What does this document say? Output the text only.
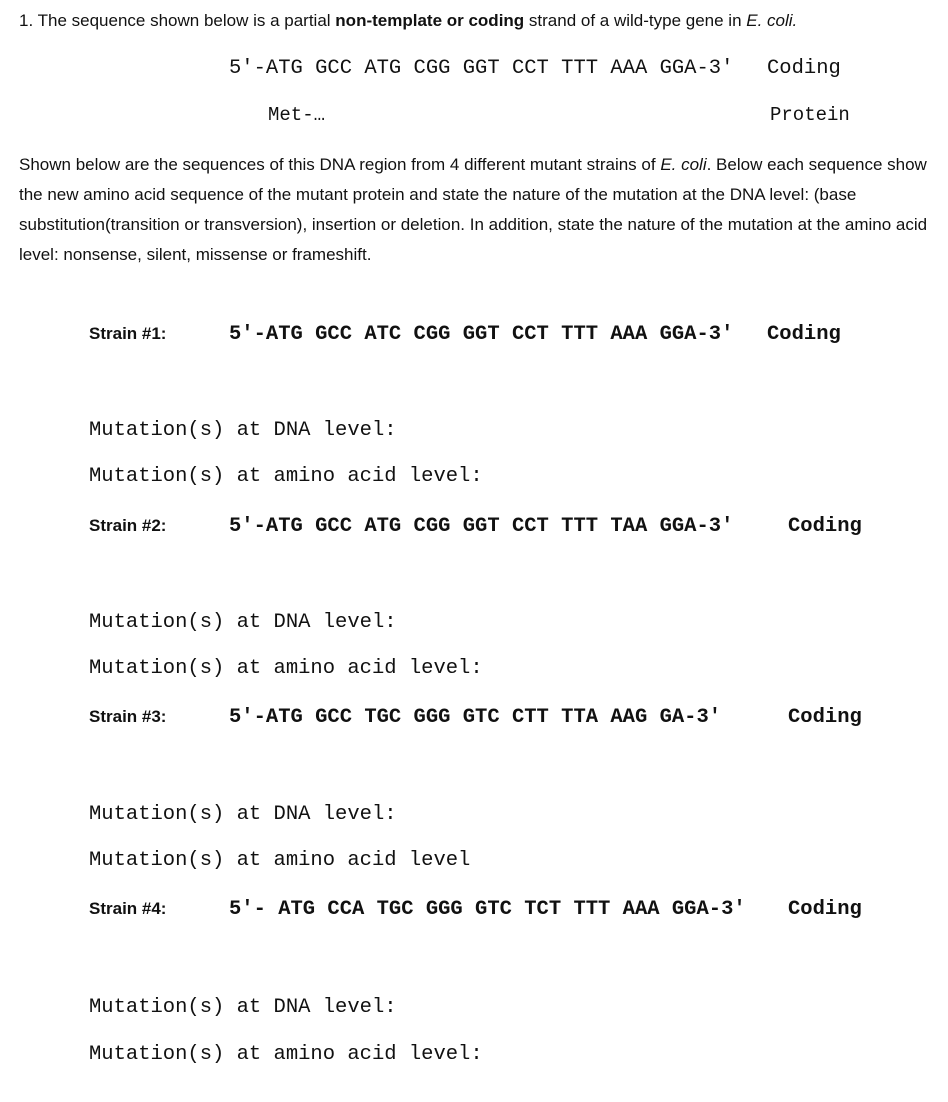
1. The sequence shown below is a partial non-template or coding strand of a wild-type gene in E. coli.
5′-ATG GCC ATG CGG GGT CCT TTT AAA GGA-3′ Coding
Met-…	Protein
Shown below are the sequences of this DNA region from 4 different mutant strains of E. coli. Below each sequence show the new amino acid sequence of the mutant protein and state the nature of the mutation at the DNA level: (base substitution(transition or transversion), insertion or deletion. In addition, state the nature of the mutation at the amino acid level: nonsense, silent, missense or frameshift.
Strain #1:	5′-ATG GCC ATC CGG GGT CCT TTT AAA GGA-3′ Coding
Mutation(s) at DNA level:
Mutation(s) at amino acid level:
Strain #2:	5′-ATG GCC ATG CGG GGT CCT TTT TAA GGA-3′	Coding
Mutation(s) at DNA level:
Mutation(s) at amino acid level:
Strain #3:	5′-ATG GCC TGC GGG GTC CTT TTA AAG GA-3′	Coding
Mutation(s) at DNA level:
Mutation(s) at amino acid level
Strain #4:	5′- ATG CCA TGC GGG GTC TCT TTT AAA GGA-3′ Coding
Mutation(s) at DNA level:
Mutation(s) at amino acid level:
